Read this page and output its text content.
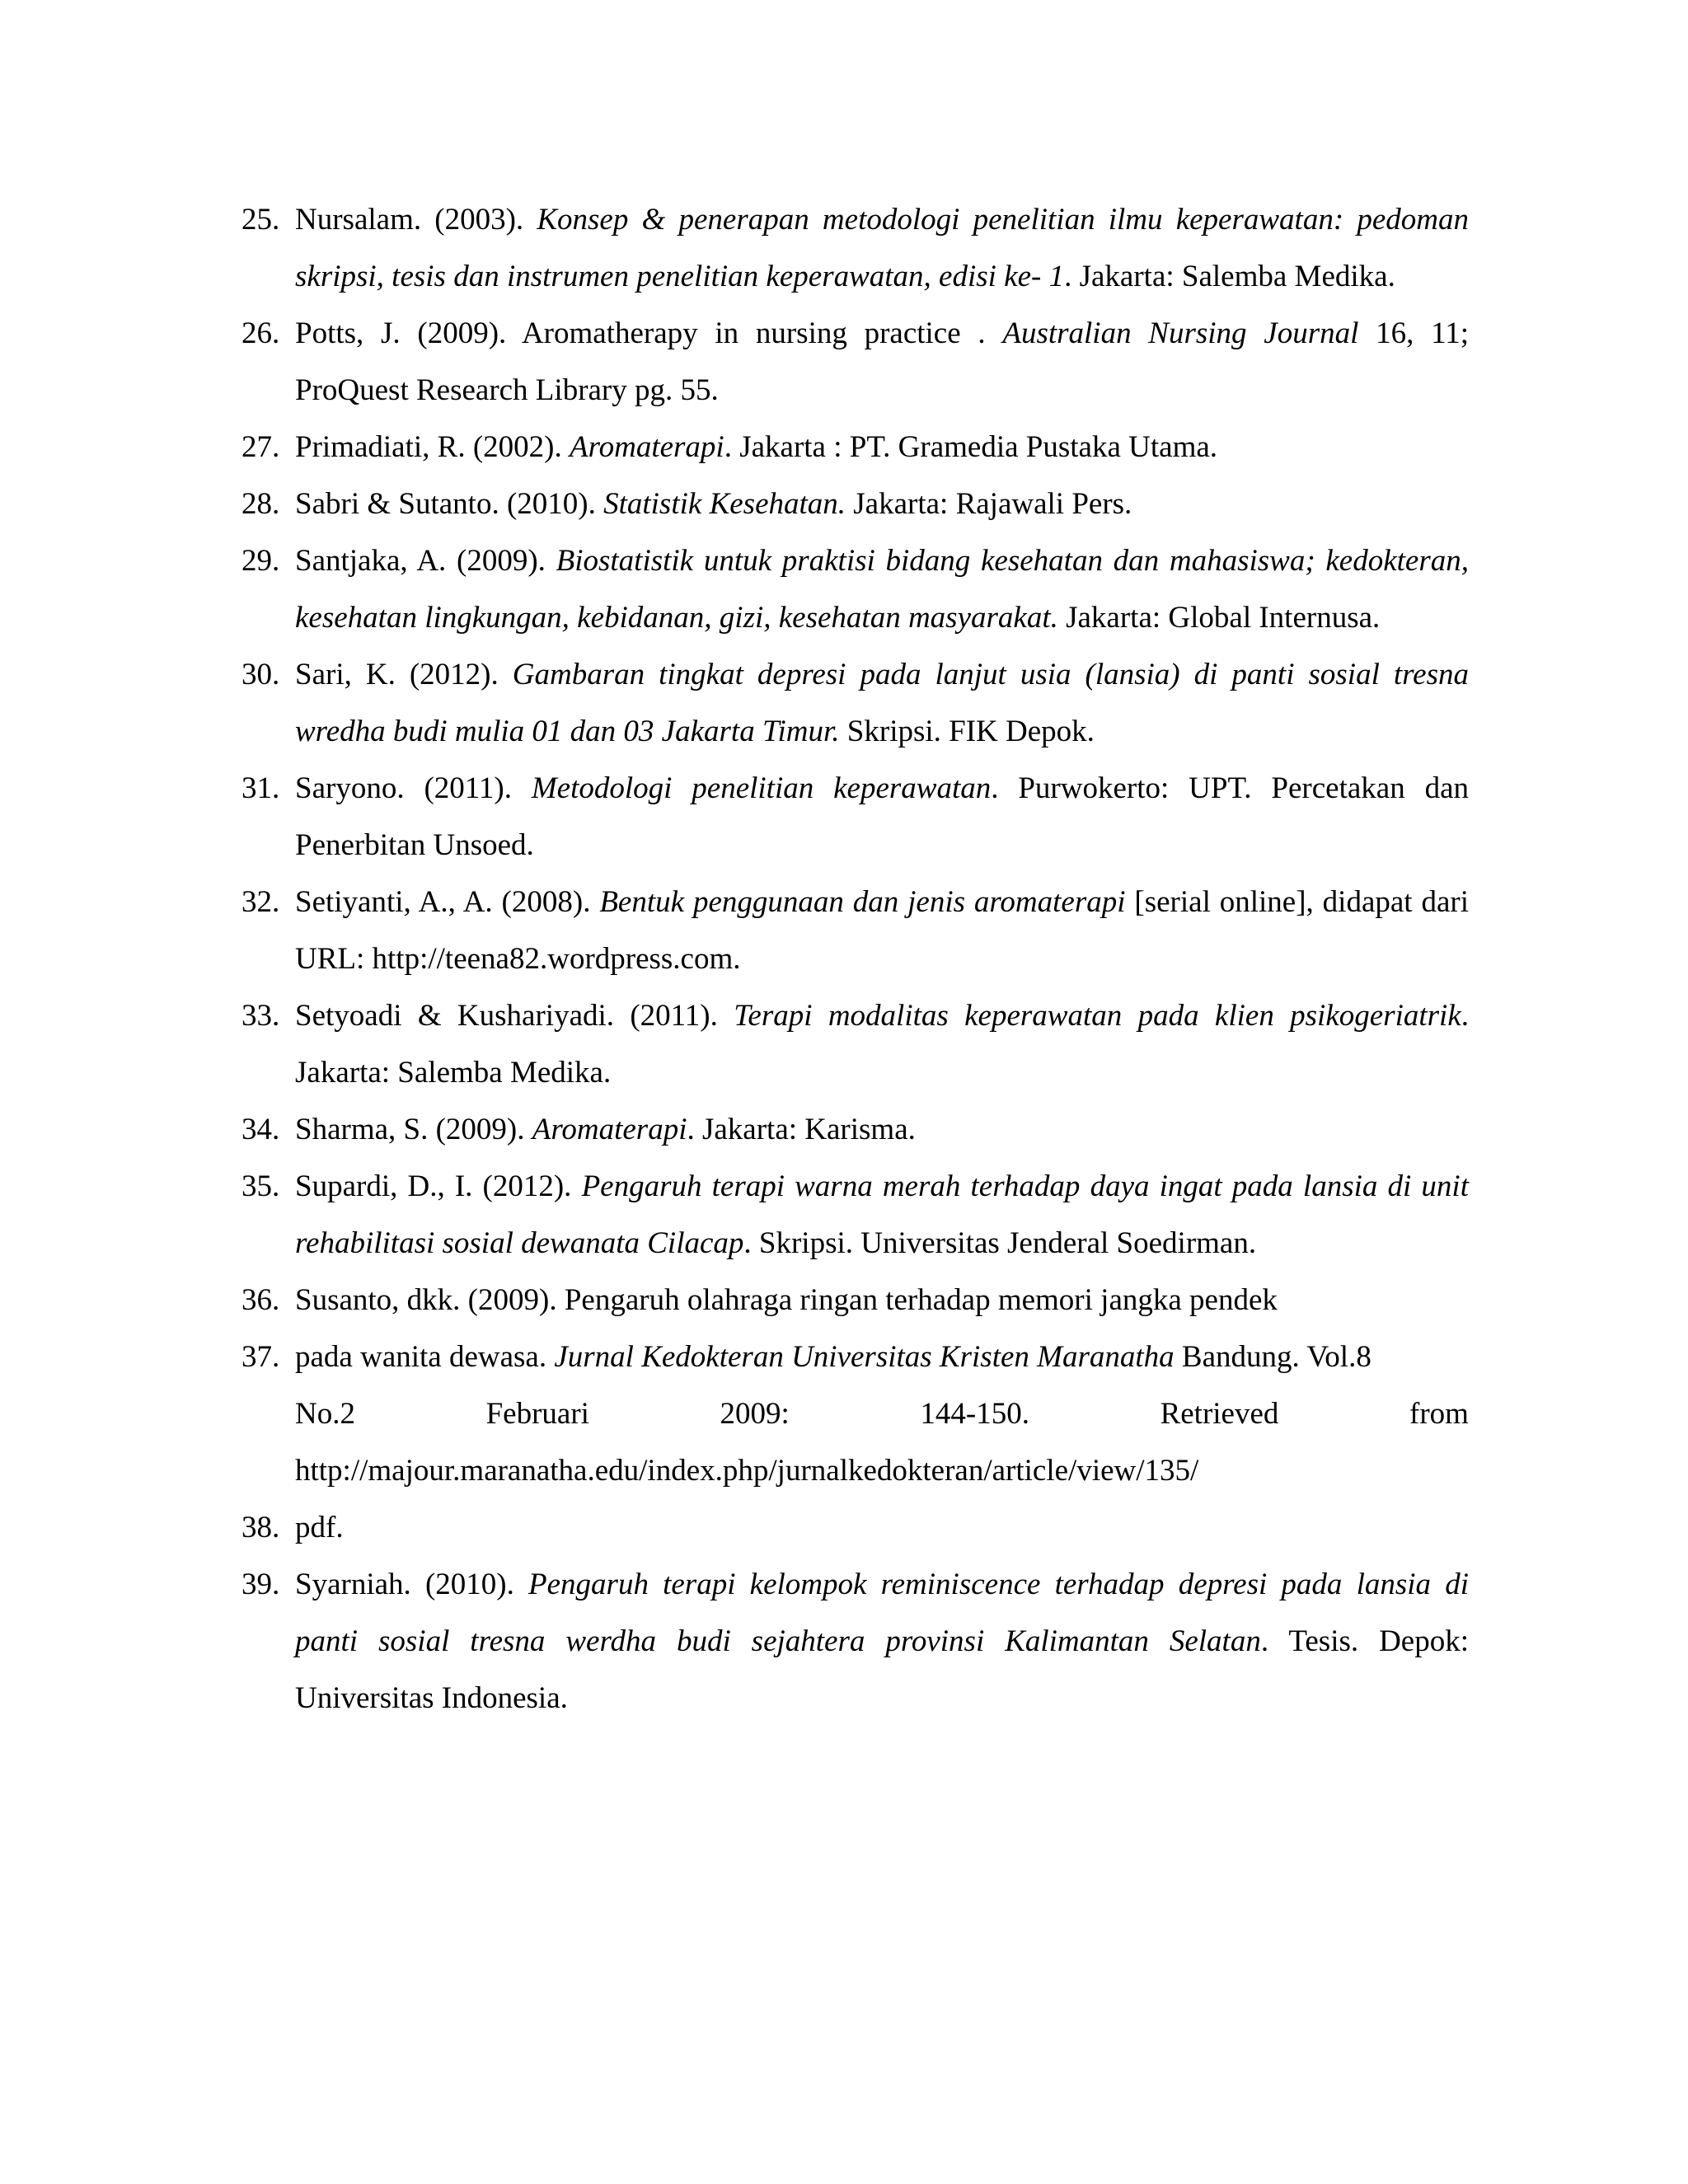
25. Nursalam. (2003). Konsep & penerapan metodologi penelitian ilmu keperawatan: pedoman skripsi, tesis dan instrumen penelitian keperawatan, edisi ke- 1. Jakarta: Salemba Medika.
26. Potts, J. (2009). Aromatherapy in nursing practice . Australian Nursing Journal 16, 11; ProQuest Research Library pg. 55.
27. Primadiati, R. (2002). Aromaterapi. Jakarta : PT. Gramedia Pustaka Utama.
28. Sabri & Sutanto. (2010). Statistik Kesehatan. Jakarta: Rajawali Pers.
29. Santjaka, A. (2009). Biostatistik untuk praktisi bidang kesehatan dan mahasiswa; kedokteran, kesehatan lingkungan, kebidanan, gizi, kesehatan masyarakat. Jakarta: Global Internusa.
30. Sari, K. (2012). Gambaran tingkat depresi pada lanjut usia (lansia) di panti sosial tresna wredha budi mulia 01 dan 03 Jakarta Timur. Skripsi. FIK Depok.
31. Saryono. (2011). Metodologi penelitian keperawatan. Purwokerto: UPT. Percetakan dan Penerbitan Unsoed.
32. Setiyanti, A., A. (2008). Bentuk penggunaan dan jenis aromaterapi [serial online], didapat dari URL: http://teena82.wordpress.com.
33. Setyoadi & Kushariyadi. (2011). Terapi modalitas keperawatan pada klien psikogeriatrik. Jakarta: Salemba Medika.
34. Sharma, S. (2009). Aromaterapi. Jakarta: Karisma.
35. Supardi, D., I. (2012). Pengaruh terapi warna merah terhadap daya ingat pada lansia di unit rehabilitasi sosial dewanata Cilacap. Skripsi. Universitas Jenderal Soedirman.
36. Susanto, dkk. (2009). Pengaruh olahraga ringan terhadap memori jangka pendek
37. pada wanita dewasa. Jurnal Kedokteran Universitas Kristen Maranatha Bandung. Vol.8
No.2	Februari	2009:	144-150.	Retrieved	from
http://majour.maranatha.edu/index.php/jurnalkedokteran/article/view/135/
38. pdf.
39. Syarniah. (2010). Pengaruh terapi kelompok reminiscence terhadap depresi pada lansia di panti sosial tresna werdha budi sejahtera provinsi Kalimantan Selatan. Tesis. Depok: Universitas Indonesia.
